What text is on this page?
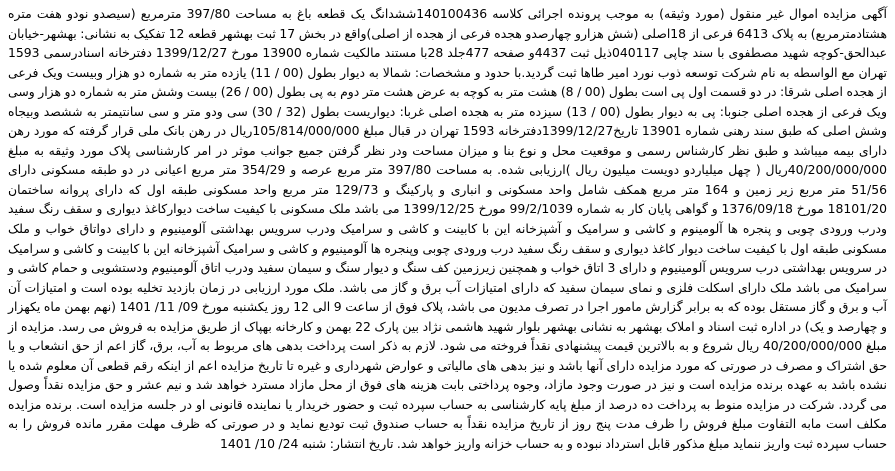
آگهی مزایده اموال غیر منقول (مورد وثیقه) به موجب پرونده اجرائی کلاسه 140100436ششدانگ یک قطعه باغ به مساحت 397/80 مترمربع (سیصدو نودو هفت متره هشتادمترمربع) به پلاک 6413 فرعی از 18اصلی (شش هزارو چهارصدو هجده فرعی از هجده از اصلی)واقع در بخش 17 ثبت بهشهر قطعه 12 تفکیک به نشانی: بهشهر-خیابان عبدالحق-کوچه شهید مصطفوی با سند چاپی 040117ذیل ثبت 4437و صفحه 477جلد 28با مستند مالکیت شماره 13900 مورخ 1399/12/27 دفترخانه اسنادرسمی 1593 تهران مع الواسطه به نام شرکت توسعه ذوب نورد امیر طاها ثبت گردید.با حدود و مشخصات: شمالا به دیوار بطول (00 / 11) یازده متر به شماره دو هزار وبیست ویک فرعی از هجده اصلی شرقا: در دو قسمت اول پی است بطول (00 / 8) هشت متر به کوچه به عرض هشت متر دوم به پی بطول (00 / 26) بیست وشش متر به شماره دو هزار وسی ویک فرعی از هجده اصلی جنوبا: پی به دیوار بطول (00 / 13) سیزده متر به هجده اصلی غربا: دیواریست بطول (32 / 30) سی ودو متر و سی سانتیمتر به ششصد وبیجاه وشش اصلی که طبق سند رهنی شماره 13901 تاریخ1399/12/27دفترخانه 1593 تهران در قبال مبلغ 105/814/000/000ریال در رهن بانک ملی قرار گرفته که مورد رهن دارای بیمه میباشد و طبق نظر کارشناس رسمی و موقعیت محل و نوع بنا و میزان مساحت ودر نظر گرفتن جمیع جوانب موثر در امر کارشناسی پلاک مورد وثیقه به مبلغ 40/200/000/000ریال ( چهل میلیاردو دویست میلیون ریال )ارزیابی شده. به مساحت 397/80 متر مربع عرصه و 354/29 متر مربع اعیانی در دو طبقه مسکونی دارای 51/56 متر مربع زیر زمین و 164 متر مربع همکف شامل واحد مسکونی و انباری و پارکینگ و 129/73 متر مربع واحد مسکونی طبقه اول که دارای پروانه ساختمان 18101/20 مورخ 1376/09/18 و گواهی پایان کار به شماره 99/2/1039 مورخ 1399/12/25 می باشد ملک مسکونی با کیفیت ساخت دیوارکاغذ دیواری و سقف رنگ سفید ودرب ورودی چوبی و پنجره ها آلومینوم و کاشی و سرامیک و آشپزخانه این با کابینت و کاشی و سرامیک ودرب سرویس بهداشتی آلومینیوم و دارای دواتاق خواب و ملک مسکونی طبقه اول با کیفیت ساخت دیوار کاغذ دیواری و سقف رنگ سفید درب ورودی چوبی وپنجره ها آلومینیوم و کاشی و سرامیک آشپزخانه این با کابینت و کاشی و سرامیک در سرویس بهداشتی درب سرویس آلومینیوم و دارای 3 اتاق خواب و همچنین زیرزمین کف سنگ و دیوار سنگ و سیمان سفید ودرب اتاق آلومینیوم ودستشویی و حمام کاشی و سرامیک می باشد ملک دارای اسکلت فلزی و نمای سیمان سفید که دارای امتیازات آب برق و گاز می باشد. ملک مورد ارزیابی در زمان بازدید تخلیه بوده است و امتیازات آن آب و برق و گاز مستقل بوده که به برابر گزارش مامور اجرا در تصرف مدیون می باشد، پلاک فوق از ساعت 9 الی 12 روز یکشنبه مورخ 09/ 11/ 1401 (نهم بهمن ماه یکهزار و چهارصد و یک) در اداره ثبت اسناد و املاک بهشهر به نشانی بهشهر بلوار شهید هاشمی نژاد بین پارک 22 بهمن و کارخانه بهپاک از طریق مزایده به فروش می رسد. مزایده از مبلغ 40/200/000/000 ریال شروع و به بالاترین قیمت پیشنهادی نقداً فروخته می شود. لازم به ذکر است پرداخت بدهی های مربوط به آب، برق، گاز اعم از حق انشعاب و یا حق اشتراک و مصرف در صورتی که مورد مزایده دارای آنها باشد و نیز بدهی های مالیاتی و عوارض شهرداری و غیره تا تاریخ مزایده اعم از اینکه رقم قطعی آن معلوم شده یا نشده باشد به عهده برنده مزایده است و نیز در صورت وجود مازاد، وجوه پرداختی بابت هزینه های فوق از محل مازاد مسترد خواهد شد و نیم عشر و حق مزایده نقداً وصول می گردد. شرکت در مزایده منوط به پرداخت ده درصد از مبلغ پایه کارشناسی به حساب سپرده ثبت و حضور خریدار یا نماینده قانونی او در جلسه مزایده است. برنده مزایده مکلف است مابه التفاوت مبلغ فروش را ظرف مدت پنج روز از تاریخ مزایده نقداً به حساب صندوق ثبت تودیع نماید و در صورتی که ظرف مهلت مقرر مانده فروش را به حساب سپرده ثبت واریز ننماید مبلغ مذکور قابل استرداد نبوده و به حساب خزانه واریز خواهد شد. تاریخ انتشار: شنبه 24/ 10/ 1401
